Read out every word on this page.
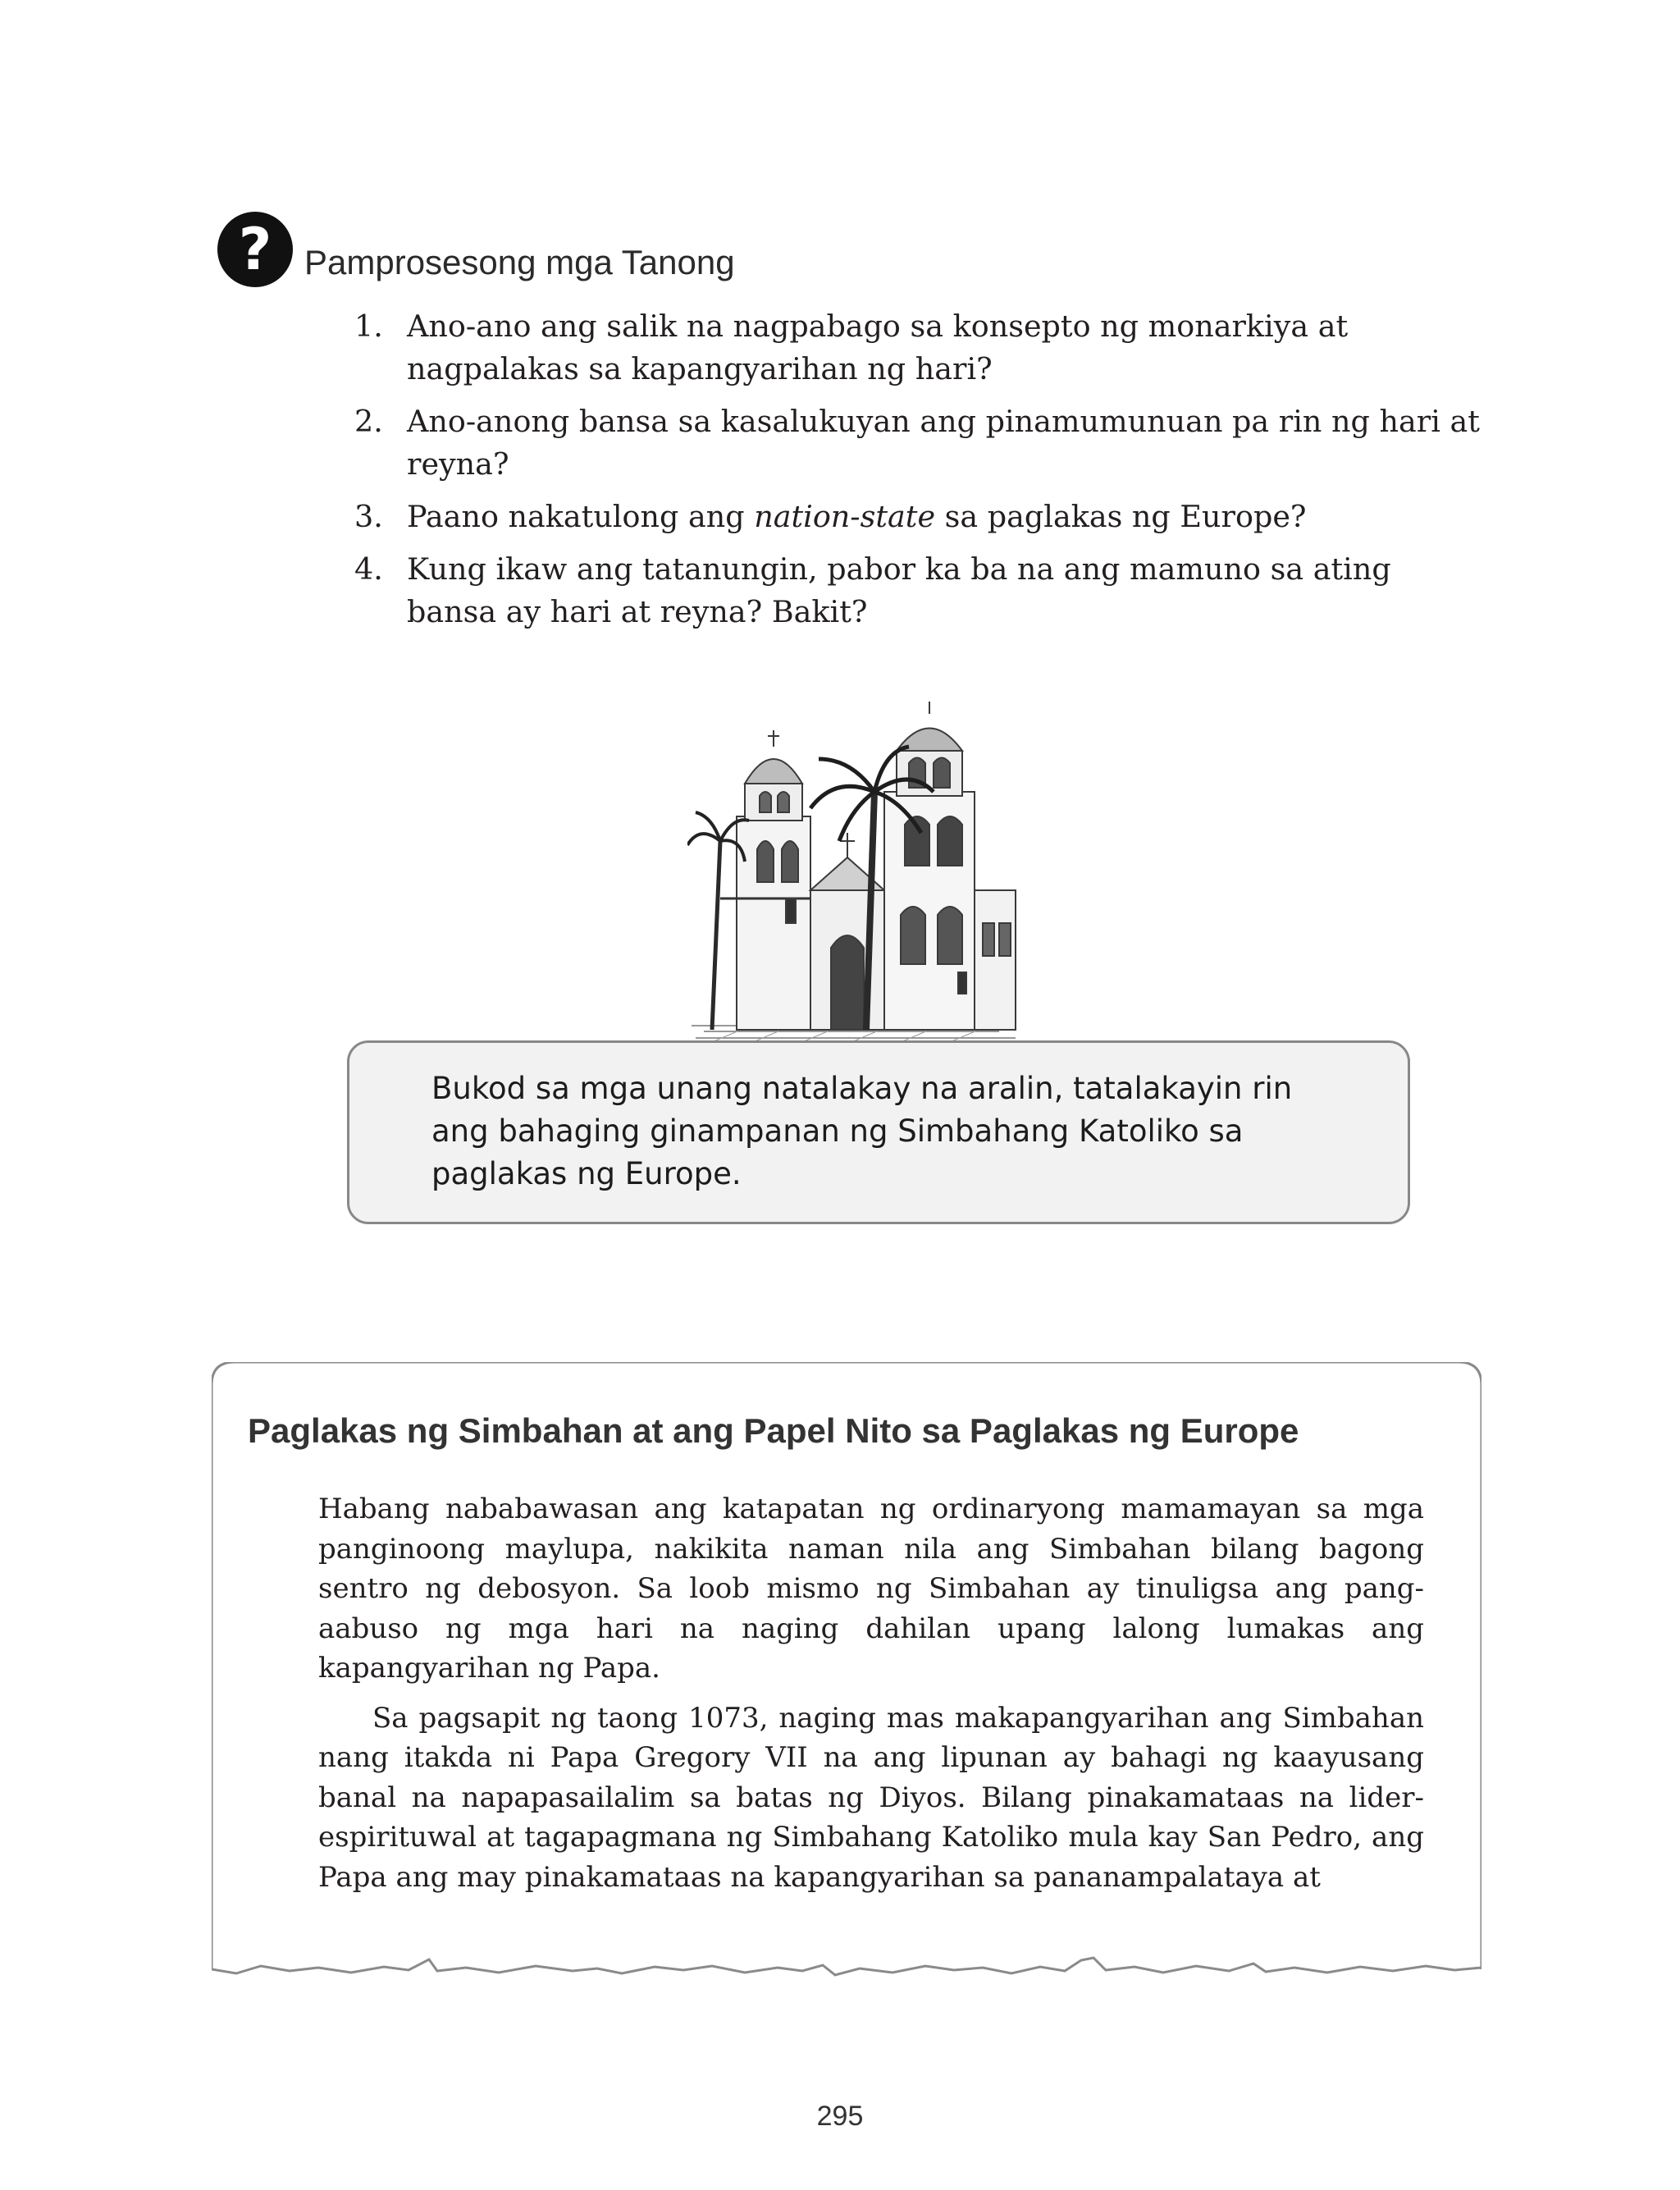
? Pamprosesong mga Tanong
1. Ano-ano ang salik na nagpabago sa konsepto ng monarkiya at nagpalakas sa kapangyarihan ng hari?
2. Ano-anong bansa sa kasalukuyan ang pinamumunuan pa rin ng hari at reyna?
3. Paano nakatulong ang nation-state sa paglakas ng Europe?
4. Kung ikaw ang tatanungin, pabor ka ba na ang mamuno sa ating bansa ay hari at reyna? Bakit?

Bukod sa mga unang natalakay na aralin, tatalakayin rin ang bahaging ginampanan ng Simbahang Katoliko sa paglakas ng Europe.

Paglakas ng Simbahan at ang Papel Nito sa Paglakas ng Europe

Habang nababawasan ang katapatan ng ordinaryong mamamayan sa mga panginoong maylupa, nakikita naman nila ang Simbahan bilang bagong sentro ng debosyon. Sa loob mismo ng Simbahan ay tinuligsa ang pang-aabuso ng mga hari na naging dahilan upang lalong lumakas ang kapangyarihan ng Papa.

Sa pagsapit ng taong 1073, naging mas makapangyarihan ang Simbahan nang itakda ni Papa Gregory VII na ang lipunan ay bahagi ng kaayusang banal na napapasailalim sa batas ng Diyos. Bilang pinakamataas na lider-espirituwal at tagapagmana ng Simbahang Katoliko mula kay San Pedro, ang Papa ang may pinakamataas na kapangyarihan sa pananampalataya at

295
